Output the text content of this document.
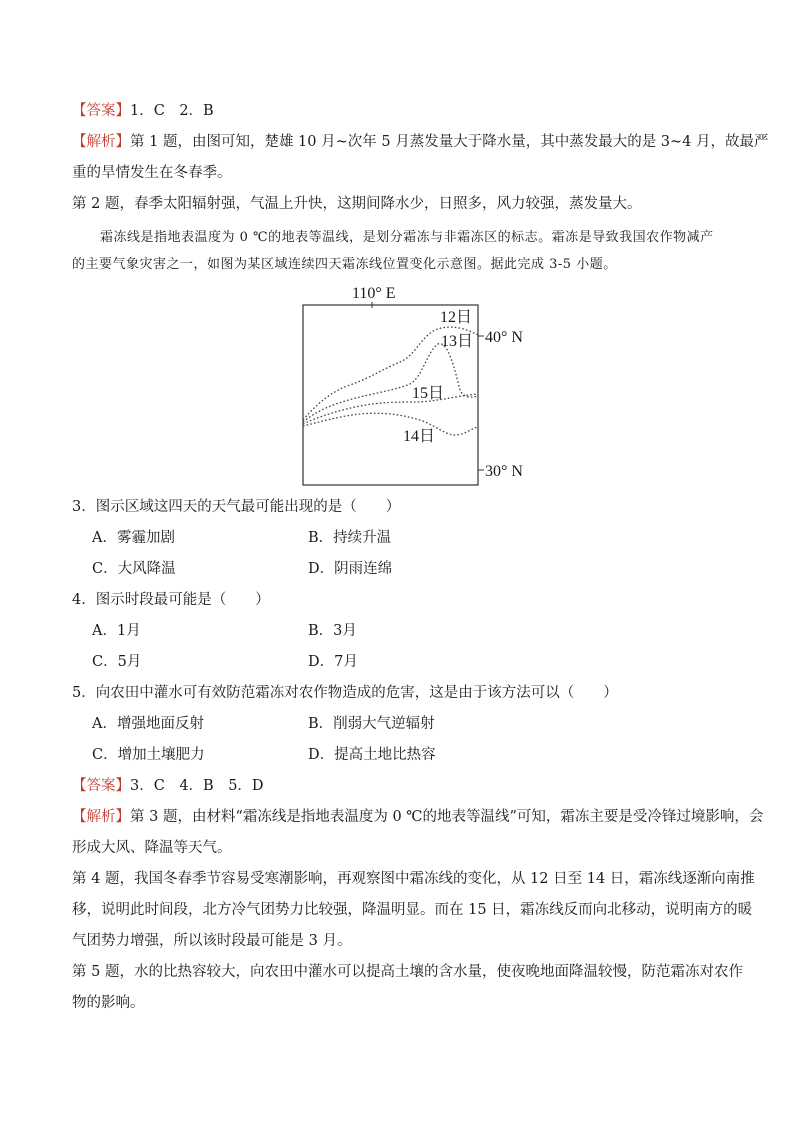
【答案】1．C　2．B
【解析】第 1 题，由图可知，楚雄 10 月~次年 5 月蒸发量大于降水量，其中蒸发最大的是 3~4 月，故最严
重的旱情发生在冬春季。
第 2 题，春季太阳辐射强，气温上升快，这期间降水少，日照多，风力较强，蒸发量大。
霜冻线是指地表温度为 0 ℃的地表等温线，是划分霜冻与非霜冻区的标志。霜冻是导致我国农作物减产
的主要气象灾害之一，如图为某区域连续四天霜冻线位置变化示意图。据此完成 3-5 小题。
110° E
40° N
30° N
12日
13日
15日
14日
3．图示区域这四天的天气最可能出现的是（　　）
A．雾霾加剧	B．持续升温
C．大风降温	D．阴雨连绵
4．图示时段最可能是（　　）
A．1月	B．3月
C．5月	D．7月
5．向农田中灌水可有效防范霜冻对农作物造成的危害，这是由于该方法可以（　　）
A．增强地面反射	B．削弱大气逆辐射
C．增加土壤肥力	D．提高土地比热容
【答案】3．C　4．B　5．D
【解析】第 3 题，由材料“霜冻线是指地表温度为 0 ℃的地表等温线”可知，霜冻主要是受冷锋过境影响，会
形成大风、降温等天气。
第 4 题，我国冬春季节容易受寒潮影响，再观察图中霜冻线的变化，从 12 日至 14 日，霜冻线逐渐向南推
移，说明此时间段，北方冷气团势力比较强，降温明显。而在 15 日，霜冻线反而向北移动，说明南方的暖
气团势力增强，所以该时段最可能是 3 月。
第 5 题，水的比热容较大，向农田中灌水可以提高土壤的含水量，使夜晚地面降温较慢，防范霜冻对农作
物的影响。
